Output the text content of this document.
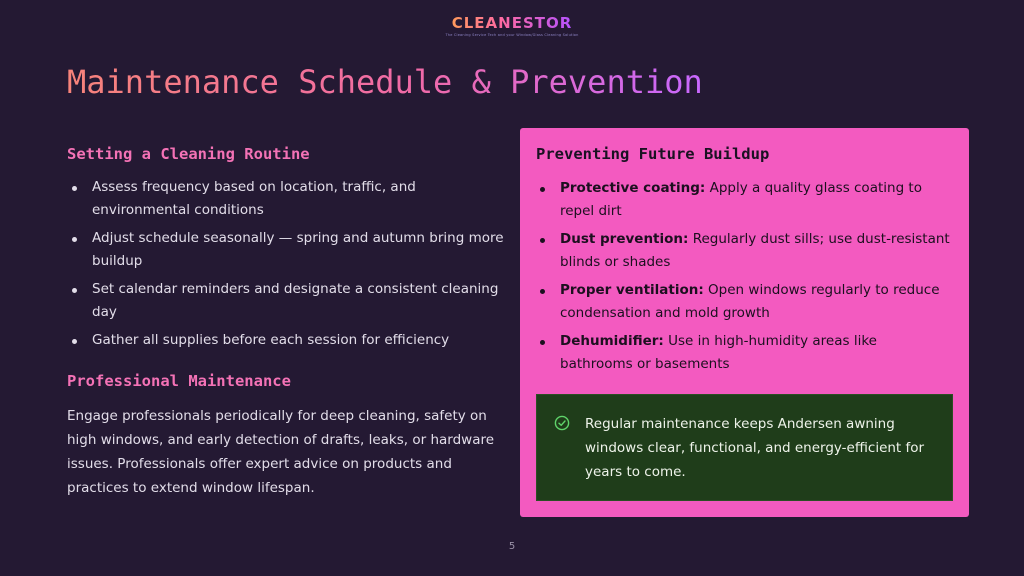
CLEANESTOR
The Cleaning Service Tech and your Window/Glass Cleaning Solution
Maintenance Schedule & Prevention
Setting a Cleaning Routine
Assess frequency based on location, traffic, and environmental conditions
Adjust schedule seasonally — spring and autumn bring more buildup
Set calendar reminders and designate a consistent cleaning day
Gather all supplies before each session for efficiency
Professional Maintenance

Engage professionals periodically for deep cleaning, safety on high windows, and early detection of drafts, leaks, or hardware issues. Professionals offer expert advice on products and practices to extend window lifespan.

Preventing Future Buildup
Protective coating: Apply a quality glass coating to repel dirt
Dust prevention: Regularly dust sills; use dust-resistant blinds or shades
Proper ventilation: Open windows regularly to reduce condensation and mold growth
Dehumidifier: Use in high-humidity areas like bathrooms or basements

Regular maintenance keeps Andersen awning windows clear, functional, and energy-efficient for years to come.

5
